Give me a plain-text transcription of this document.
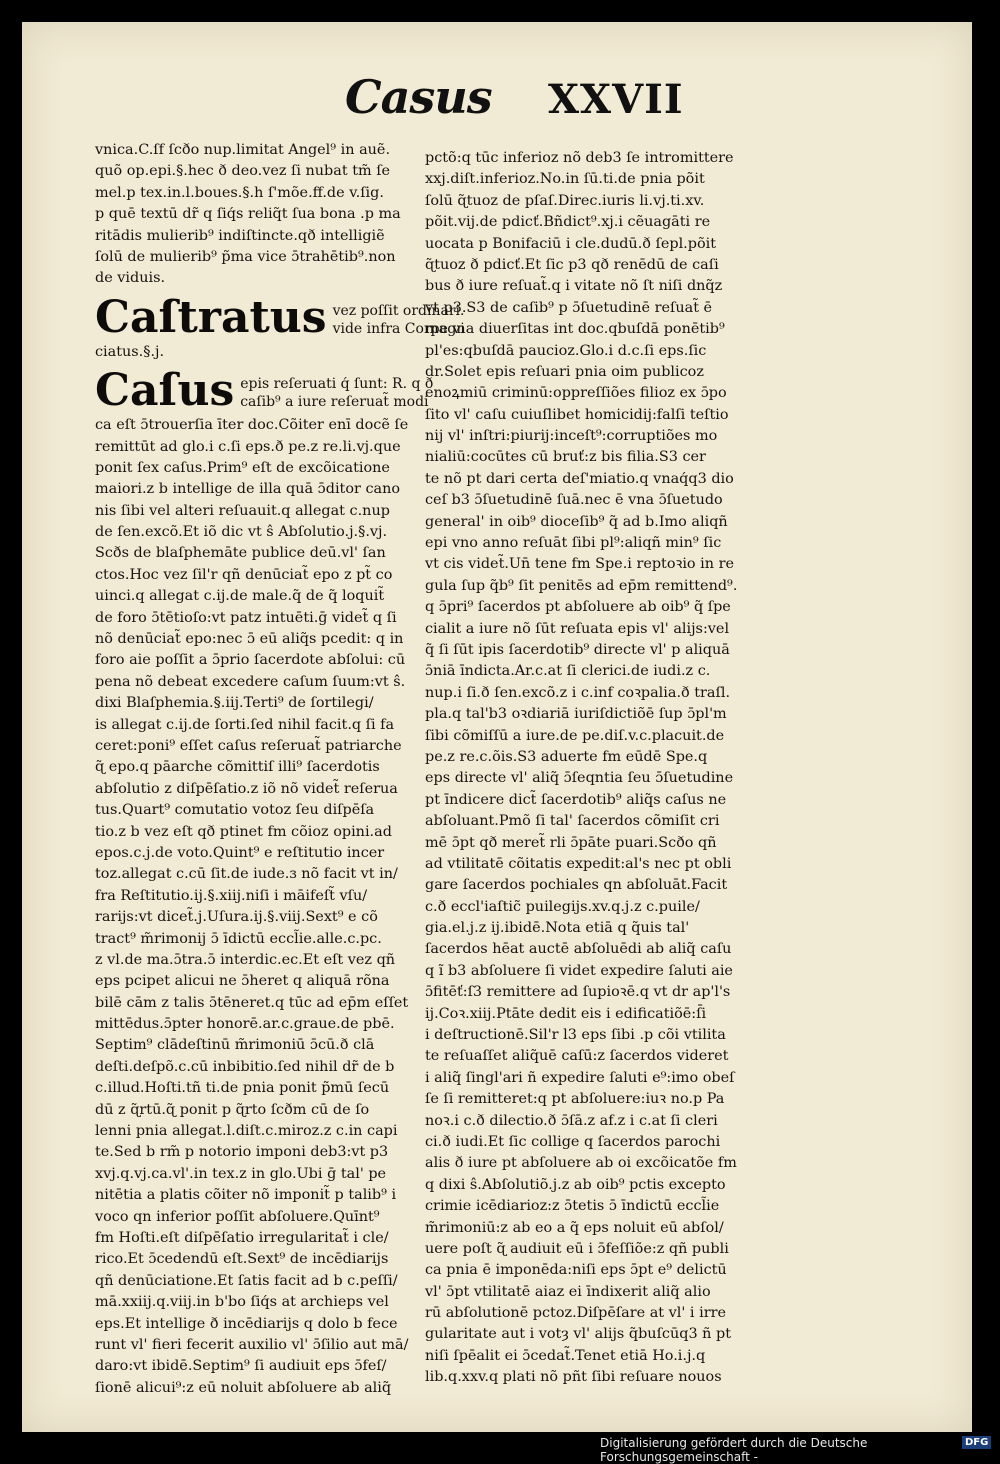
Casus XXVII
vnica.C.ſf ſcðo nup.limitat Angel⁹ in auẽ.
quõ op.epi.§.hec ð deo.vez ſi nubat tm̃ ſe
mel.p tex.in.l.boues.§.h ſ'mõe.ff.de v.ſig.
p quē textū dr̃ q ſiq́s reliq̃t ſua bona .p ma
ritādis mulierib⁹ indiſtincte.qð intelligiẽ
ſolū de mulierib⁹ p̃ma vice ɔ̄trahētib⁹.non
de viduis.
Caſtratus vez poſſit ordinari.
vide infra Corpe vi
ciatus.§.j.
Caſus epis reſeruati q́ ſunt: R. q ð
caſib⁹ a iure reſeruat̃ modi
ca eſt ɔ̄trouerſia īter doc.Cõiter enī docẽ ſe
remittūt ad glo.i c.ſi eps.ð pe.z re.li.vj.que
ponit ſex caſus.Prim⁹ eſt de excõicatione
maiori.z b intellige de illa quā ɔ̄ditor cano
nis ſibi vel alteri reſuauit.q allegat c.nup
de ſen.excõ.Et iõ dic vt ŝ Abſolutio.j.§.vj.
Scðs de blaſphemāte publice deū.vl' ſan
ctos.Hoc vez ſil'r qñ denūciat̃ epo z pt̃ co
uinci.q allegat c.ij.de male.q̃ de q̃ loquit̃
de foro ɔ̄tētioſo:vt patz intuēti.ḡ videt̃ q ſi
nõ denūciat̃ epo:nec ɔ̄ eū aliq̃s pcedit: q in
foro aie poſſit a ɔ̄prio ſacerdote abſolui: cū
pena nõ debeat excedere caſum ſuum:vt ŝ.
dixi Blaſphemia.§.iij.Terti⁹ de ſortilegi/
is allegat c.ij.de ſorti.ſed nihil facit.q ſi fa
ceret:poni⁹ eſſet caſus reſeruat̃ patriarche
ɋ̃ epo.q pāarche cõmittiſ illi⁹ ſacerdotis
abſolutio z diſpēſatio.z iõ nõ videt̃ reſerua
tus.Quart⁹ comutatio votoz ſeu diſpēſa
tio.z b vez eſt qð ptinet fm cõioz opini.ad
epos.c.j.de voto.Quint⁹ e reſtitutio incer
toz.allegat c.cū ſit.de iude.ɜ nõ facit vt in/
fra Reſtitutio.ij.§.xiij.niſi i māifeſt̃ vſu/
rarijs:vt dicet̃.j.Uſura.ij.§.viij.Sext⁹ e cõ
tract⁹ m̃rimonij ɔ̄ īdictū eccl̃ie.alle.c.pc.
z vl.de ma.ɔ̄tra.ɔ̄ interdic.ec.Et eſt vez qñ
eps pcipet alicui ne ɔ̄heret q aliquā rõna
bilē cām z talis ɔ̄tēneret.q tūc ad ep̄m eſſet
mittēdus.ɔ̄pter honorē.ar.c.graue.de pbē.
Septim⁹ clādeſtinū m̃rimoniū ɔ̄cū.ð clā
deſti.deſpõ.c.cū inbibitio.ſed nihil dr̃ de b
c.illud.Hoſti.tñ ti.de pnia ponit p̃mū ſecū
dū z ɋ̃rtū.ɋ̃ ponit p ɋ̃rto ſcðm cū de ſo
lenni pnia allegat.l.diſt.c.miroz.z c.in capi
te.Sed b rm̃ p notorio imponi deb3:vt p3
xvj.q.vj.ca.vl'.in tex.z in glo.Ubi ḡ tal' pe
nitētia a platis cõiter nõ imponit̃ p talib⁹ i
voco qn inferior poſſit abſoluere.Quīnt⁹
fm Hoſti.eſt diſpēſatio irregularitat̃ i cle/
rico.Et ɔ̄cedendū eſt.Sext⁹ de incēdiarijs
qñ denūciatione.Et ſatis facit ad b c.peſſi/
mā.xxiij.q.viij.in b'bo ſiq́s at archieps vel
eps.Et intellige ð incēdiarijs q dolo b fece
runt vl' fieri fecerit auxilio vl' ɔ̄ſilio aut mā/
daro:vt ibidē.Septim⁹ ſi audiuit eps ɔ̄feſ/
ſionē alicui⁹:z eū noluit abſoluere ab aliq̃
pctõ:q tūc inferioz nõ deb3 ſe intromittere
xxj.diſt.inferioz.No.in ſū.ti.de pnia põit
ſolū ɋ̃tuoz de pſaſ.Direc.iuris li.vj.ti.xv.
põit.vij.de pdicť.Bñdict⁹.xj.i cẽuagāti re
uocata p Bonifaciū i cle.dudū.ð ſepl.põit
ɋ̃tuoz ð pdicť.Et ſic p3 qð renēdū de caſi
bus ð iure reſuat̃.q i vitate nõ ſt niſi dnq̃z
vt p3.S3 de caſib⁹ p ɔ̄ſuetudinē reſuat̃ ē
magna diuerſitas int doc.qbuſdā ponētib⁹
pl'es:qbuſdā paucioz.Glo.i d.c.ſi eps.ſic
dr.Solet epis reſuari pnia oim publicoz
enoꝝmiū criminū:oppreſſiões filioz ex ɔ̄po
ſito vl' caſu cuiuſlibet homicidij:falſi teſtio
nij vl' inſtri:piurij:inceſt⁹:corruptiões mo
nialiū:cocūtes cū bruť:z bis filia.S3 cer
te nõ pt dari certa deſ'miatio.q vnaq́q3 dio
ceſ b3 ɔ̄ſuetudinē ſuā.nec ē vna ɔ̄ſuetudo
general' in oib⁹ dioceſib⁹ q̃ ad b.Imo aliqñ
epi vno anno reſuāt ſibi pl⁹:aliqñ min⁹ ſic
vt cis videt̃.Un̄ tene fm Spe.i reptoꝛio in re
gula ſup q̃b⁹ ſit penitēs ad ep̄m remittend⁹.
q ɔ̄pri⁹ ſacerdos pt abſoluere ab oib⁹ q̃ ſpe
cialit a iure nõ ſūt reſuata epis vl' alijs:vel
q̃ ſi ſūt ipis ſacerdotib⁹ directe vl' p aliquā
ɔ̄niā īndicta.Ar.c.at ſi clerici.de iudi.z c.
nup.i ſi.ð ſen.excõ.z i c.inf coꝛpalia.ð traſl.
pla.q tal'b3 oꝛdiariā iuriſdictiõē ſup ɔ̄pl'm
ſibi cõmiſſū a iure.de pe.diſ.v.c.placuit.de
pe.z re.c.õis.S3 aduerte fm eūdē Spe.q
eps directe vl' aliq̃ ɔ̄ſeqntia ſeu ɔ̄ſuetudine
pt īndicere dict̃ ſacerdotib⁹ aliq̃s caſus ne
abſoluant.Pmõ ſi tal' ſacerdos cõmiſit cri
mē ɔ̄pt qð meret̃ rli ɔ̄pāte puari.Scðo qñ
ad vtilitatē cõitatis expedit:al's nec pt obli
gare ſacerdos pochiales qn abſoluāt.Facit
c.ð eccl'iaſtic̃ puilegijs.xv.q.j.z c.puile/
gia.el.j.z ij.ibidē.Nota etiā q q̃uis tal'
ſacerdos hēat auctē abſoluēdi ab aliq̃ caſu
q ĩ b3 abſoluere ſi videt expedire ſaluti aie
ɔ̄fitēť:ſ3 remittere ad ſupioꝛē.q vt dr ap'l's
ij.Coꝛ.xiij.Ptāte dedit eis i edificatiõē:ſ̄i
i deſtructionē.Sil'r l3 eps ſibi .p cõi vtilita
te reſuaſſet aliq̃uē caſū:z ſacerdos videret
i aliq̃ ſingl'ari ñ expedire ſaluti e⁹:imo obeſ
ſe ſi remitteret:q pt abſoluere:iuꝛ no.p Pa
noꝛ.i c.ð dilectio.ð ɔ̄ſā.z af.z i c.at ſi cleri
ci.ð iudi.Et ſic collige q ſacerdos parochi
alis ð iure pt abſoluere ab oi excõicatõe fm
q dixi ŝ.Abſolutiõ.j.z ab oib⁹ pctis excepto
crimie icēdiarioz:z ɔ̄tetis ɔ̄ īndictū eccl̃ie
m̃rimoniū:z ab eo a q̃ eps noluit eū abſol/
uere poſt ɋ̃ audiuit eū i ɔ̄feſſiõe:z qñ publi
ca pnia ē imponēda:niſi eps ɔ̄pt e⁹ delictū
vl' ɔ̄pt vtilitatē aiaz ei īndixerit aliq̃ alio
rū abſolutionē pctoz.Diſpēſare at vl' i irre
gularitate aut i votȝ vl' alijs q̃buſcūq3 ñ pt
niſi ſpēalit ei ɔ̄cedat̃.Tenet etiā Ho.i.j.q
lib.q.xxv.q plati nõ pñt ſibi reſuare nouos
Digitalisierung gefördert durch die Deutsche Forschungsgemeinschaft -
DFG
